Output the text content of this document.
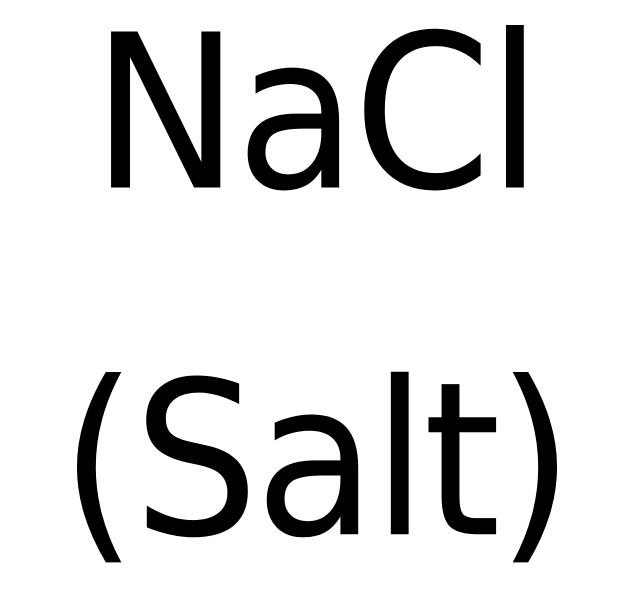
NaCl
(Salt)
